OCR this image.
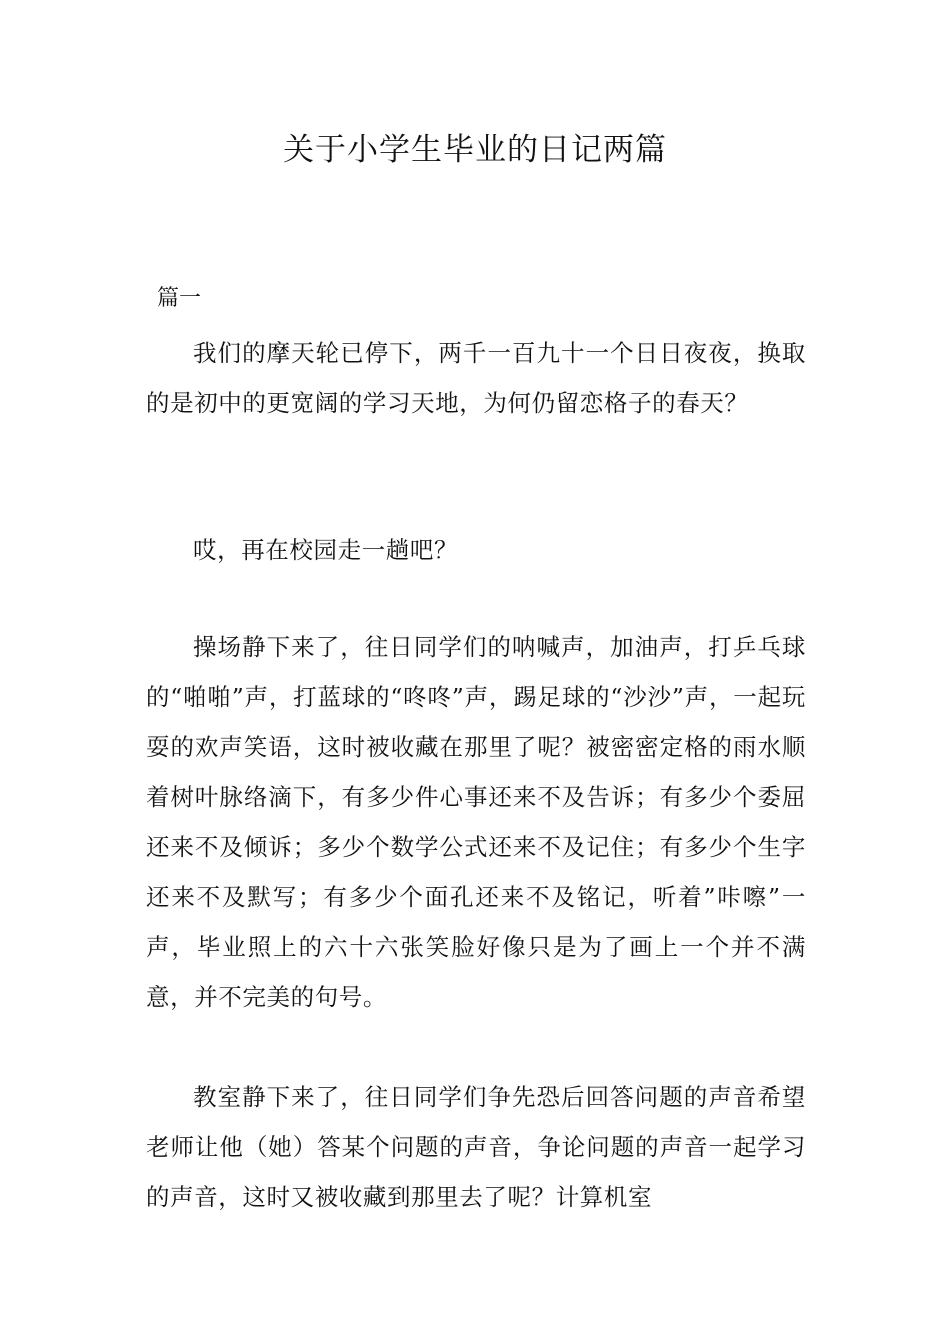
关于小学生毕业的日记两篇
篇一

我们的摩天轮已停下，两千一百九十一个日日夜夜，换取的是初中的更宽阔的学习天地，为何仍留恋格子的春天？

哎，再在校园走一趟吧？

操场静下来了，往日同学们的呐喊声，加油声，打乒乓球的“啪啪”声，打蓝球的“咚咚”声，踢足球的“沙沙”声，一起玩耍的欢声笑语，这时被收藏在那里了呢？被密密定格的雨水顺着树叶脉络滴下，有多少件心事还来不及告诉；有多少个委屈还来不及倾诉；多少个数学公式还来不及记住；有多少个生字还来不及默写；有多少个面孔还来不及铭记，听着”咔嚓”一声，毕业照上的六十六张笑脸好像只是为了画上一个并不满意，并不完美的句号。

教室静下来了，往日同学们争先恐后回答问题的声音希望老师让他（她）答某个问题的声音，争论问题的声音一起学习的声音，这时又被收藏到那里去了呢？计算机室
